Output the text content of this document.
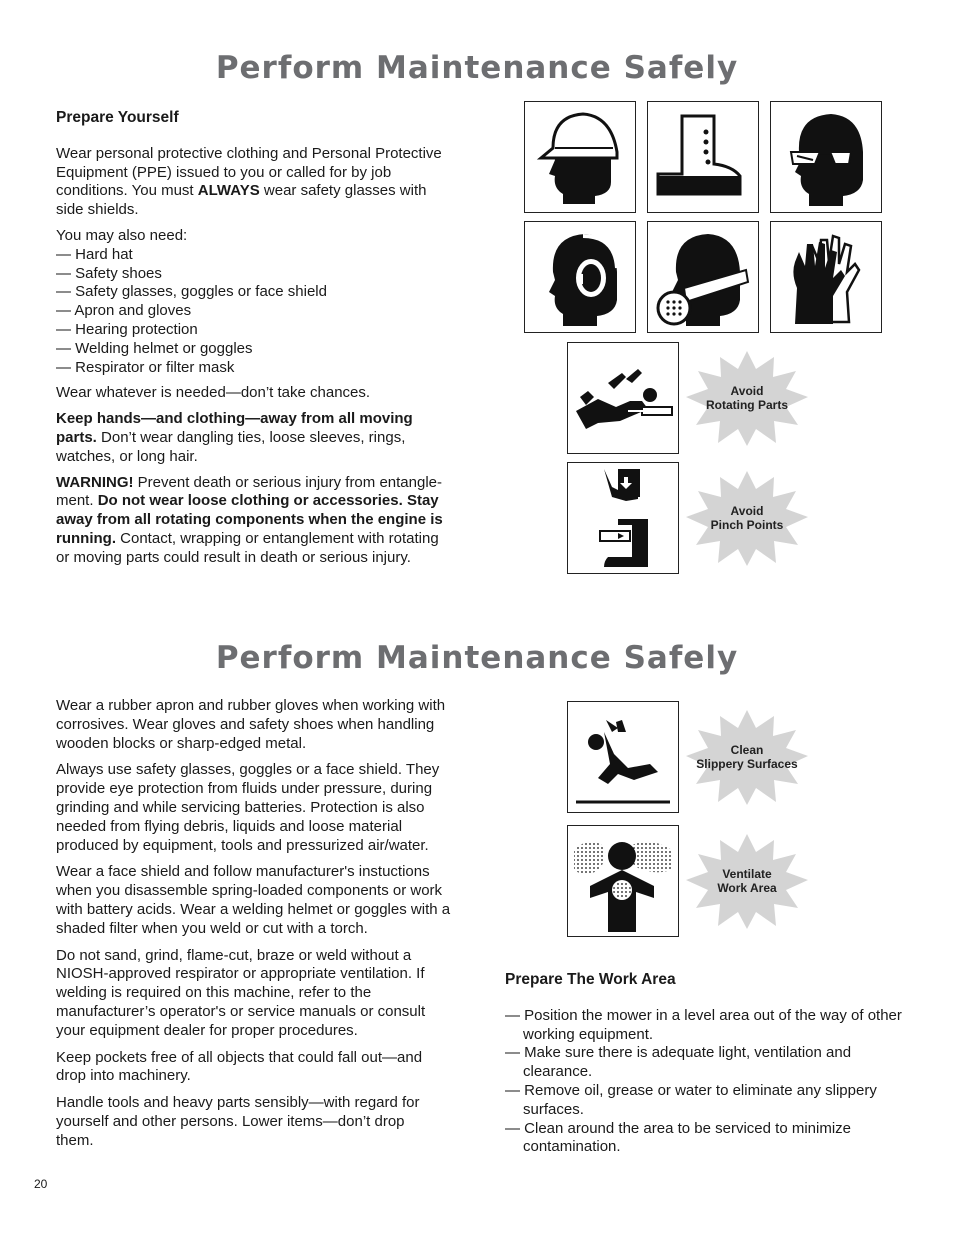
Perform Maintenance Safely
Prepare Yourself

Wear personal protective clothing and Personal Protective Equipment (PPE) issued to you or called for by job conditions. You must ALWAYS wear safety glasses with side shields.

You may also need:

— Hard hat
— Safety shoes
— Safety glasses, goggles or face shield
— Apron and gloves
— Hearing protection
— Welding helmet or goggles
— Respirator or filter mask

Wear whatever is needed—don’t take chances.

Keep hands—and clothing—away from all moving parts. Don’t wear dangling ties, loose sleeves, rings, watches, or long hair.

WARNING! Prevent death or serious injury from entangle-ment. Do not wear loose clothing or accessories. Stay away from all rotating components when the engine is running. Contact, wrapping or entanglement with rotating or moving parts could result in death or serious injury.

Avoid
Rotating Parts
Avoid
Pinch Points
Perform Maintenance Safely

Wear a rubber apron and rubber gloves when working with corrosives. Wear gloves and safety shoes when handling wooden blocks or sharp-edged metal.

Always use safety glasses, goggles or a face shield. They provide eye protection from fluids under pressure, during grinding and while servicing batteries. Protection is also needed from flying debris, liquids and loose material produced by equipment, tools and pressurized air/water.

Wear a face shield and follow manufacturer's instuctions when you disassemble spring-loaded components or work with battery acids. Wear a welding helmet or goggles with a shaded filter when you weld or cut with a torch.

Do not sand, grind, flame-cut, braze or weld without a NIOSH-approved respirator or appropriate ventilation. If welding is required on this machine, refer to the manufacturer’s operator's or service manuals or consult your equipment dealer for proper procedures.

Keep pockets free of all objects that could fall out—and drop into machinery.

Handle tools and heavy parts sensibly—with regard for yourself and other persons. Lower items—don’t drop them.

Clean
Slippery Surfaces
Ventilate
Work Area
Prepare The Work Area
— Position the mower in a level area out of the way of other working equipment.
— Make sure there is adequate light, ventilation and clearance.
— Remove oil, grease or water to eliminate any slippery surfaces.
— Clean around the area to be serviced to minimize contamination.
20
